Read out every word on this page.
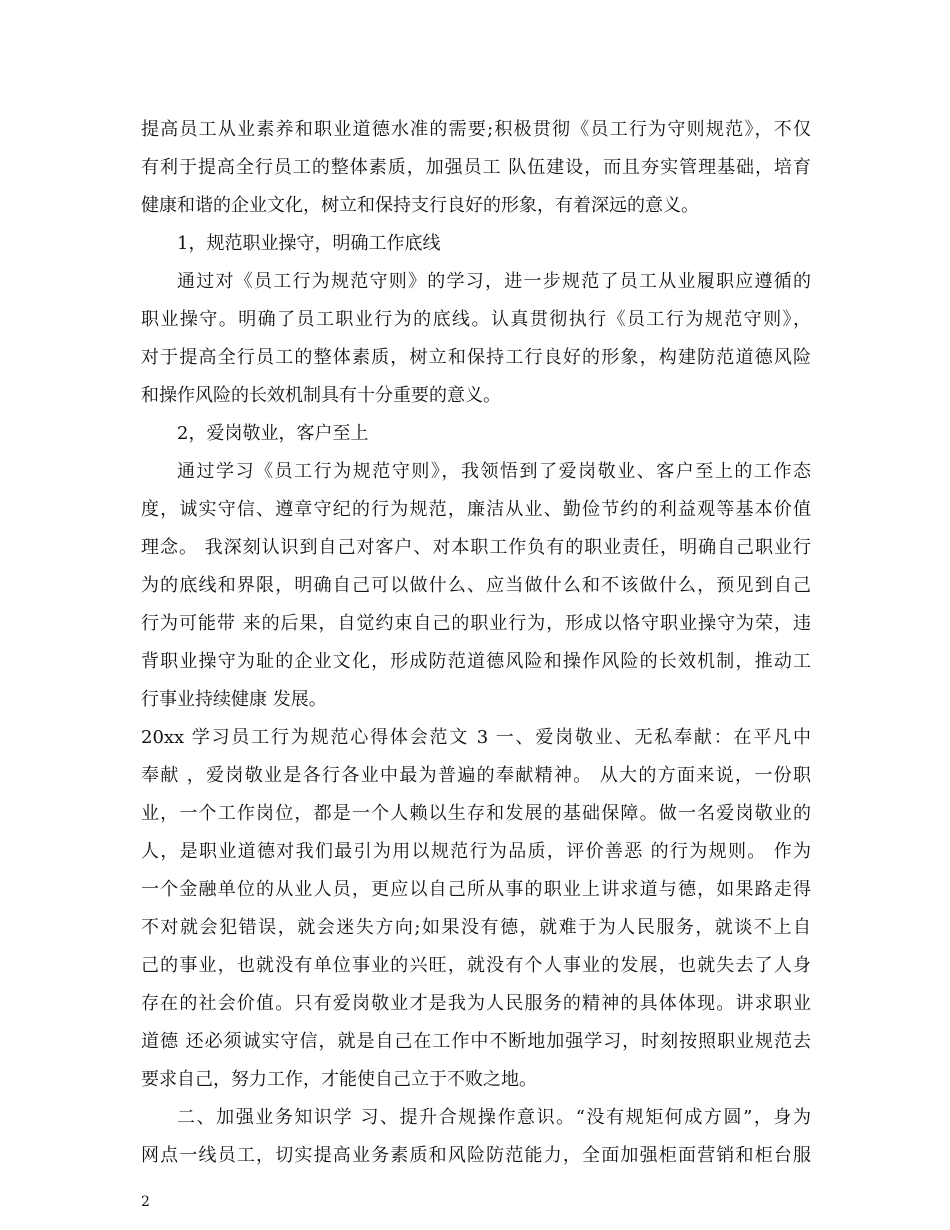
提高员工从业素养和职业道德水准的需要;积极贯彻《员工行为守则规范》，不仅
有利于提高全行员工的整体素质，加强员工 队伍建设，而且夯实管理基础，培育
健康和谐的企业文化，树立和保持支行良好的形象，有着深远的意义。
1，规范职业操守，明确工作底线
通过对《员工行为规范守则》的学习，进一步规范了员工从业履职应遵循的
职业操守。明确了员工职业行为的底线。认真贯彻执行《员工行为规范守则》，
对于提高全行员工的整体素质，树立和保持工行良好的形象，构建防范道德风险
和操作风险的长效机制具有十分重要的意义。
2，爱岗敬业，客户至上
通过学习《员工行为规范守则》，我领悟到了爱岗敬业、客户至上的工作态
度，诚实守信、遵章守纪的行为规范，廉洁从业、勤俭节约的利益观等基本价值
理念。 我深刻认识到自己对客户、对本职工作负有的职业责任，明确自己职业行
为的底线和界限，明确自己可以做什么、应当做什么和不该做什么，预见到自己
行为可能带 来的后果，自觉约束自己的职业行为，形成以恪守职业操守为荣，违
背职业操守为耻的企业文化，形成防范道德风险和操作风险的长效机制，推动工
行事业持续健康 发展。
20xx 学习员工行为规范心得体会范文 3 一、爱岗敬业、无私奉献：在平凡中
奉献 ，爱岗敬业是各行各业中最为普遍的奉献精神。 从大的方面来说，一份职
业，一个工作岗位，都是一个人赖以生存和发展的基础保障。做一名爱岗敬业的
人，是职业道德对我们最引为用以规范行为品质，评价善恶 的行为规则。 作为
一个金融单位的从业人员，更应以自己所从事的职业上讲求道与德，如果路走得
不对就会犯错误，就会迷失方向;如果没有德，就难于为人民服务，就谈不上自
己的事业，也就没有单位事业的兴旺，就没有个人事业的发展，也就失去了人身
存在的社会价值。只有爱岗敬业才是我为人民服务的精神的具体体现。讲求职业
道德 还必须诚实守信，就是自己在工作中不断地加强学习，时刻按照职业规范去
要求自己，努力工作，才能使自己立于不败之地。
二、加强业务知识学 习、提升合规操作意识。“没有规矩何成方圆”，身为
网点一线员工，切实提高业务素质和风险防范能力，全面加强柜面营销和柜台服
2
